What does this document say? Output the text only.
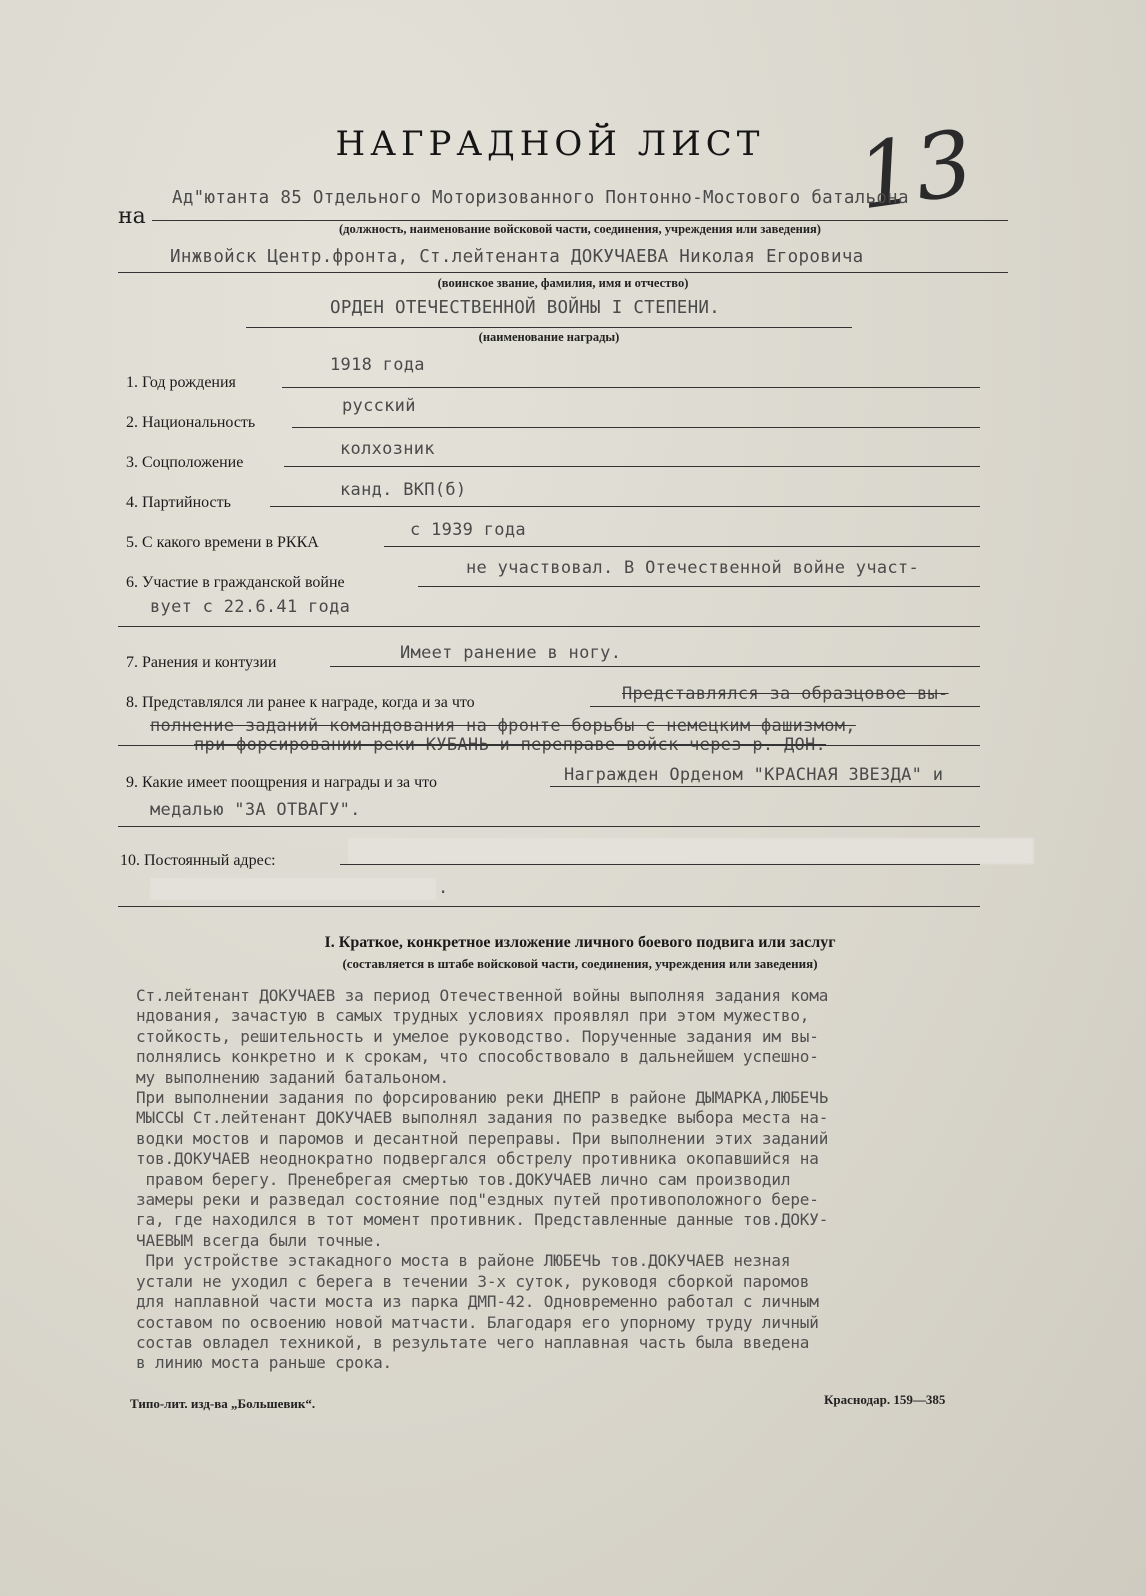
НАГРАДНОЙ ЛИСТ 13
на
Ад"ютанта 85 Отдельного Моторизованного Понтонно-Мостового батальона
(должность, наименование войсковой части, соединения, учреждения или заведения)
Инжвойск Центр.фронта, Ст.лейтенанта ДОКУЧАЕВА Николая Егоровича
(воинское звание, фамилия, имя и отчество)
ОРДЕН ОТЕЧЕСТВЕННОЙ ВОЙНЫ I СТЕПЕНИ.
(наименование награды)
1. Год рождения
1918 года
2. Национальность
русский
3. Соцположение
колхозник
4. Партийность
канд. ВКП(б)
5. С какого времени в РККА
с 1939 года
6. Участие в гражданской войне
не участвовал. В Отечественной войне участ-
вует с 22.6.41 года
7. Ранения и контузии	Имеет ранение в ногу.
8. Представлялся ли ранее к награде, когда и за что	Представлялся за образцовое вы-
полнение заданий командования на фронте борьбы с немецким фашизмом,
при форсировании реки КУБАНЬ и переправе войск через р. ДОН.
9. Какие имеет поощрения и награды и за что	Награжден Орденом "КРАСНАЯ ЗВЕЗДА" и
медалью "ЗА ОТВАГУ".
10. Постоянный адрес:
.
I. Краткое, конкретное изложение личного боевого подвига или заслуг
(составляется в штабе войсковой части, соединения, учреждения или заведения)
Ст.лейтенант ДОКУЧАЕВ за период Отечественной войны выполняя задания кома
ндования, зачастую в самых трудных условиях проявлял при этом мужество,
стойкость, решительность и умелое руководство. Порученные задания им вы-
полнялись конкретно и к срокам, что способствовало в дальнейшем успешно-
му выполнению заданий батальоном.
При выполнении задания по форсированию реки ДНЕПР в районе ДЫМАРКА,ЛЮБЕЧЬ
МЫССЫ Ст.лейтенант ДОКУЧАЕВ выполнял задания по разведке выбора места на-
водки мостов и паромов и десантной переправы. При выполнении этих заданий
тов.ДОКУЧАЕВ неоднократно подвергался обстрелу противника окопавшийся на
правом берегу. Пренебрегая смертью тов.ДОКУЧАЕВ лично сам производил
замеры реки и разведал состояние под"ездных путей противоположного бере-
га, где находился в тот момент противник. Представленные данные тов.ДОКУ-
ЧАЕВЫМ всегда были точные.
При устройстве эстакадного моста в районе ЛЮБЕЧЬ тов.ДОКУЧАЕВ незная
устали не уходил с берега в течении 3-х суток, руководя сборкой паромов
для наплавной части моста из парка ДМП-42. Одновременно работал с личным
составом по освоению новой матчасти. Благодаря его упорному труду личный
состав овладел техникой, в результате чего наплавная часть была введена
в линию моста раньше срока.
Типо-лит. изд-ва „Большевик“.	Краснодар. 159—385
